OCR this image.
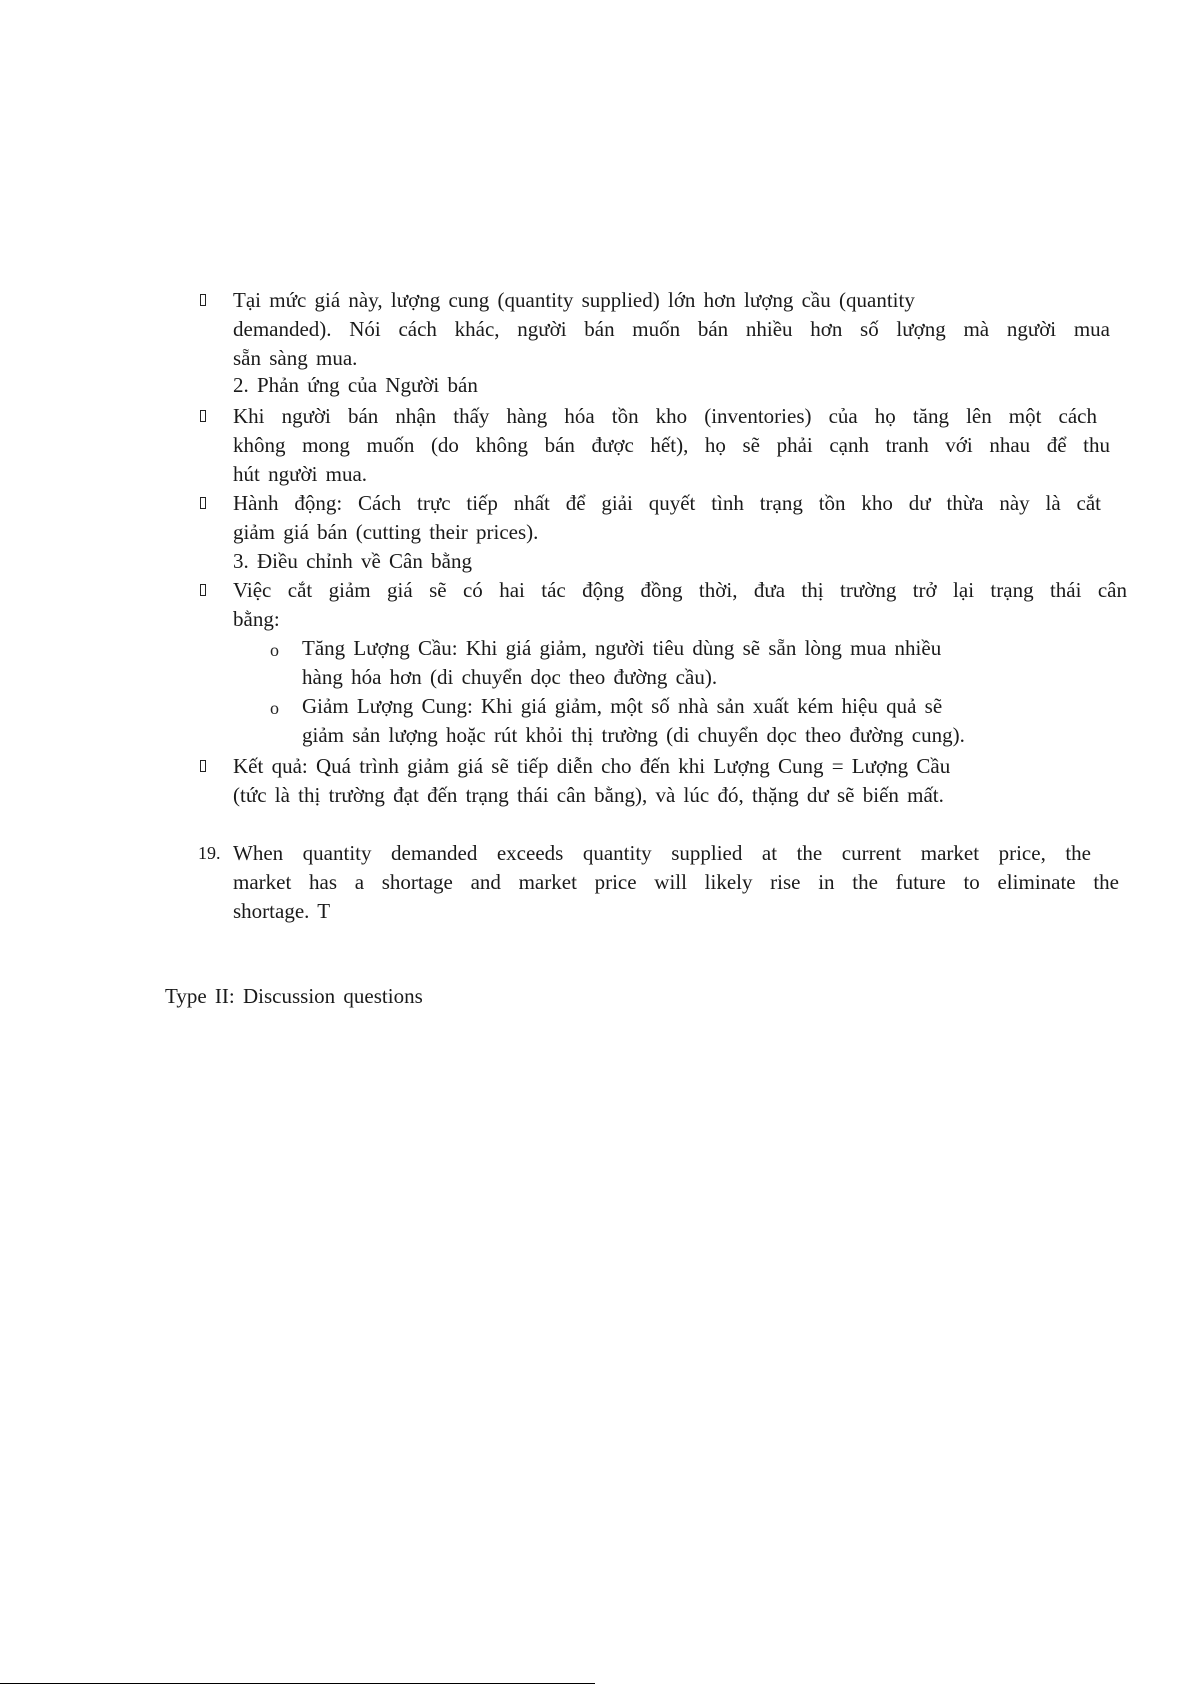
Tại mức giá này, lượng cung (quantity supplied) lớn hơn lượng cầu (quantity
demanded). Nói cách khác, người bán muốn bán nhiều hơn số lượng mà người mua
sẵn sàng mua.
2. Phản ứng của Người bán
Khi người bán nhận thấy hàng hóa tồn kho (inventories) của họ tăng lên một cách
không mong muốn (do không bán được hết), họ sẽ phải cạnh tranh với nhau để thu
hút người mua.
Hành động: Cách trực tiếp nhất để giải quyết tình trạng tồn kho dư thừa này là cắt
giảm giá bán (cutting their prices).
3. Điều chỉnh về Cân bằng
Việc cắt giảm giá sẽ có hai tác động đồng thời, đưa thị trường trở lại trạng thái cân
bằng:
o Tăng Lượng Cầu: Khi giá giảm, người tiêu dùng sẽ sẵn lòng mua nhiều
hàng hóa hơn (di chuyển dọc theo đường cầu).
o Giảm Lượng Cung: Khi giá giảm, một số nhà sản xuất kém hiệu quả sẽ
giảm sản lượng hoặc rút khỏi thị trường (di chuyển dọc theo đường cung).
Kết quả: Quá trình giảm giá sẽ tiếp diễn cho đến khi Lượng Cung = Lượng Cầu
(tức là thị trường đạt đến trạng thái cân bằng), và lúc đó, thặng dư sẽ biến mất.
19. When quantity demanded exceeds quantity supplied at the current market price, the
market has a shortage and market price will likely rise in the future to eliminate the
shortage. T
Type II: Discussion questions
